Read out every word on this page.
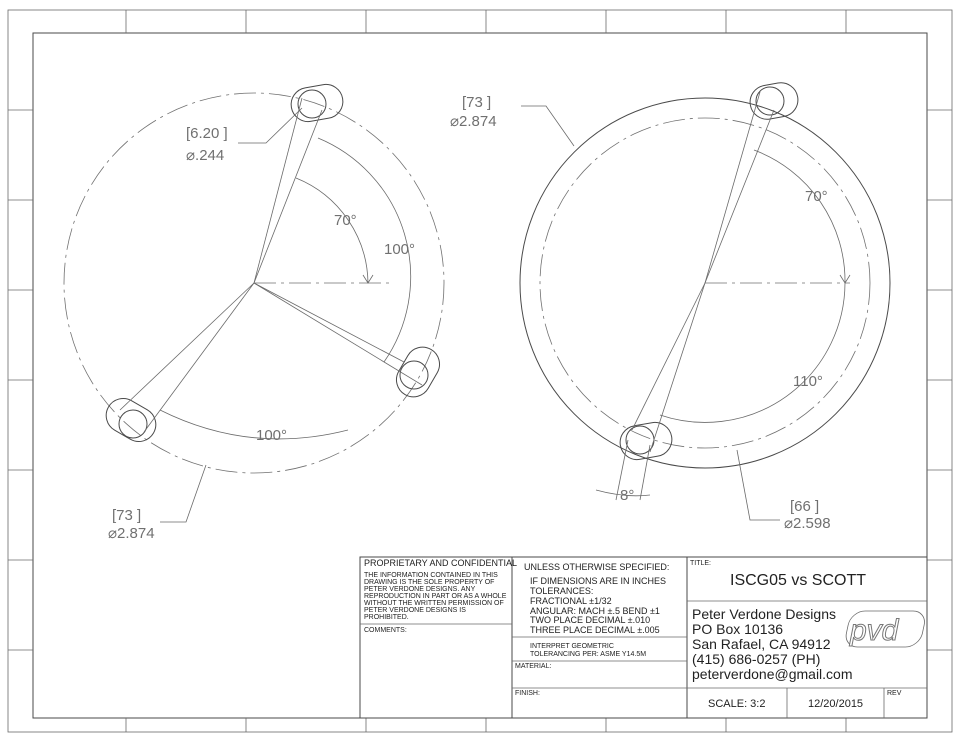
[6.20 ]
⌀.244
70°
100°
100°
[73 ]
⌀2.874
[73 ]
⌀2.874
70°
110°
8°
[66 ]
⌀2.598
PROPRIETARY AND CONFIDENTIAL
THE INFORMATION CONTAINED IN THIS
DRAWING IS THE SOLE PROPERTY OF
PETER VERDONE DESIGNS. ANY
REPRODUCTION IN PART OR AS A WHOLE
WITHOUT THE WRITTEN PERMISSION OF
PETER VERDONE DESIGNS IS
PROHIBITED.
COMMENTS:
UNLESS OTHERWISE SPECIFIED:
IF DIMENSIONS ARE IN INCHES
TOLERANCES:
FRACTIONAL ±1/32
ANGULAR: MACH ±.5 BEND ±1
TWO PLACE DECIMAL ±.010
THREE PLACE DECIMAL ±.005
INTERPRET GEOMETRIC
TOLERANCING PER: ASME Y14.5M
MATERIAL:
FINISH:
TITLE:
ISCG05 vs SCOTT
Peter Verdone Designs
PO Box 10136
San Rafael, CA 94912
(415) 686-0257 (PH)
peterverdone@gmail.com
pvd
SCALE: 3:2	12/20/2015
REV
